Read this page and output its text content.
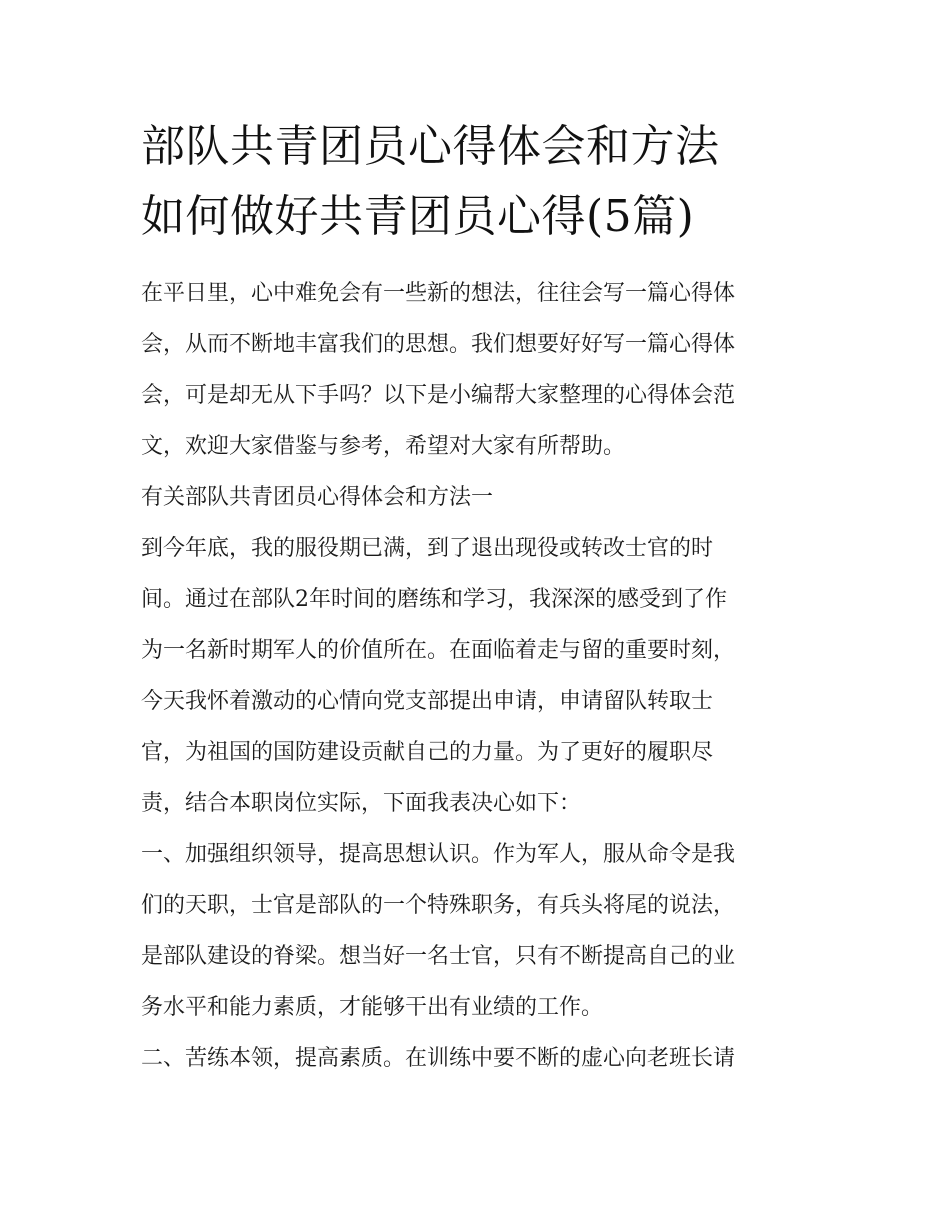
部队共青团员心得体会和方法
如何做好共青团员心得(5篇)

在平日里，心中难免会有一些新的想法，往往会写一篇心得体
会，从而不断地丰富我们的思想。我们想要好好写一篇心得体
会，可是却无从下手吗？以下是小编帮大家整理的心得体会范
文，欢迎大家借鉴与参考，希望对大家有所帮助。

有关部队共青团员心得体会和方法一

到今年底，我的服役期已满，到了退出现役或转改士官的时
间。通过在部队2年时间的磨练和学习，我深深的感受到了作
为一名新时期军人的价值所在。在面临着走与留的重要时刻，
今天我怀着激动的心情向党支部提出申请，申请留队转取士
官，为祖国的国防建设贡献自己的力量。为了更好的履职尽
责，结合本职岗位实际，下面我表决心如下：

一、加强组织领导，提高思想认识。作为军人，服从命令是我
们的天职，士官是部队的一个特殊职务，有兵头将尾的说法，
是部队建设的脊梁。想当好一名士官，只有不断提高自己的业
务水平和能力素质，才能够干出有业绩的工作。

二、苦练本领，提高素质。在训练中要不断的虚心向老班长请
